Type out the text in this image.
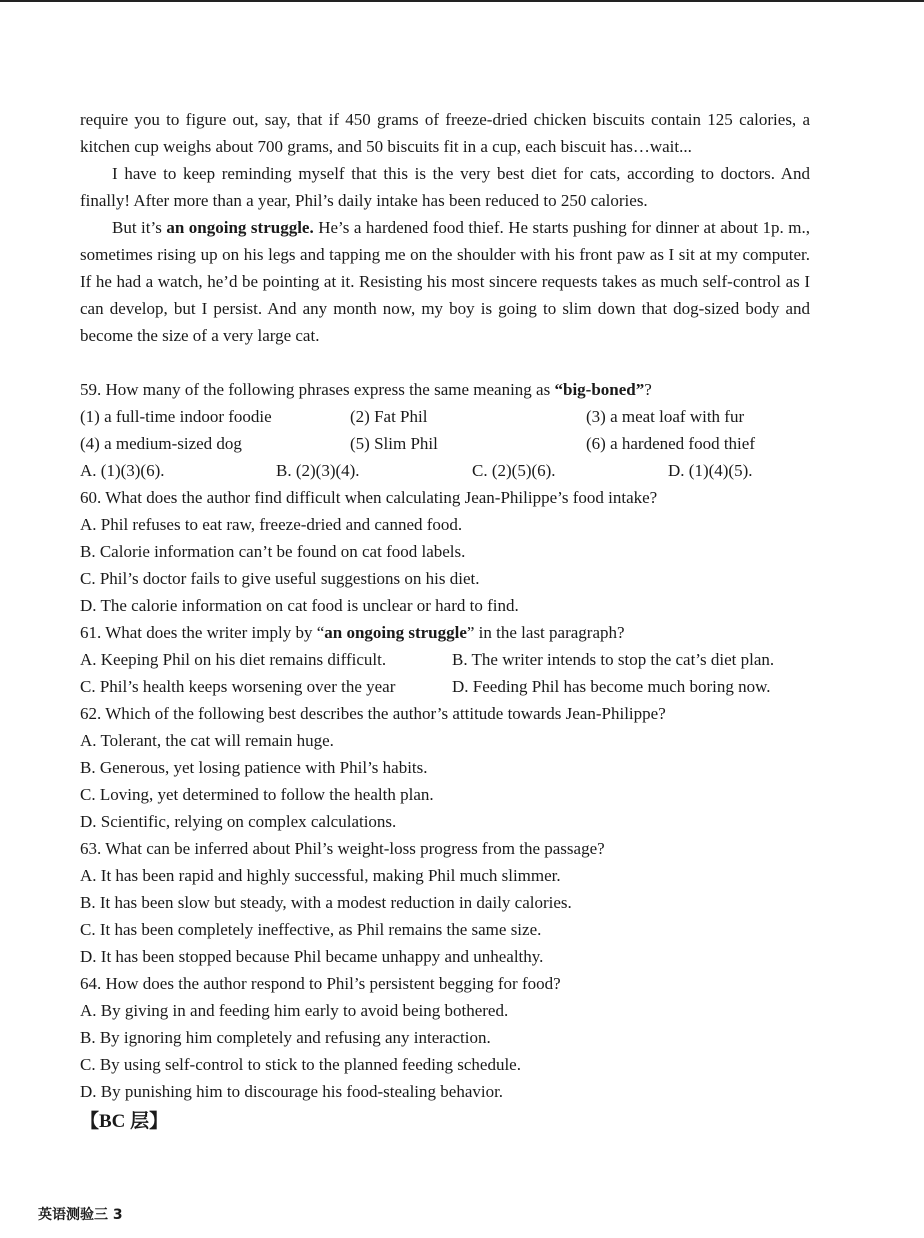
require you to figure out, say, that if 450 grams of freeze-dried chicken biscuits contain 125 calories, a kitchen cup weighs about 700 grams, and 50 biscuits fit in a cup, each biscuit has…wait...

I have to keep reminding myself that this is the very best diet for cats, according to doctors. And finally! After more than a year, Phil’s daily intake has been reduced to 250 calories.

But it’s an ongoing struggle. He’s a hardened food thief. He starts pushing for dinner at about 1p. m., sometimes rising up on his legs and tapping me on the shoulder with his front paw as I sit at my computer. If he had a watch, he’d be pointing at it. Resisting his most sincere requests takes as much self-control as I can develop, but I persist. And any month now, my boy is going to slim down that dog-sized body and become the size of a very large cat.

59. How many of the following phrases express the same meaning as “big-boned”?
(1) a full-time indoor foodie	(2) Fat Phil	(3) a meat loaf with fur
(4) a medium-sized dog	(5) Slim Phil	(6) a hardened food thief
A. (1)(3)(6).	B. (2)(3)(4).	C. (2)(5)(6).	D. (1)(4)(5).
60. What does the author find difficult when calculating Jean-Philippe’s food intake?
A. Phil refuses to eat raw, freeze-dried and canned food.
B. Calorie information can’t be found on cat food labels.
C. Phil’s doctor fails to give useful suggestions on his diet.
D. The calorie information on cat food is unclear or hard to find.
61. What does the writer imply by “an ongoing struggle” in the last paragraph?
A. Keeping Phil on his diet remains difficult.	B. The writer intends to stop the cat’s diet plan.
C. Phil’s health keeps worsening over the year	D. Feeding Phil has become much boring now.
62. Which of the following best describes the author’s attitude towards Jean-Philippe?
A. Tolerant, the cat will remain huge.
B. Generous, yet losing patience with Phil’s habits.
C. Loving, yet determined to follow the health plan.
D. Scientific, relying on complex calculations.
63. What can be inferred about Phil’s weight-loss progress from the passage?
A. It has been rapid and highly successful, making Phil much slimmer.
B. It has been slow but steady, with a modest reduction in daily calories.
C. It has been completely ineffective, as Phil remains the same size.
D. It has been stopped because Phil became unhappy and unhealthy.
64. How does the author respond to Phil’s persistent begging for food?
A. By giving in and feeding him early to avoid being bothered.
B. By ignoring him completely and refusing any interaction.
C. By using self-control to stick to the planned feeding schedule.
D. By punishing him to discourage his food-stealing behavior.
【BC 层】
英语测验三 3
